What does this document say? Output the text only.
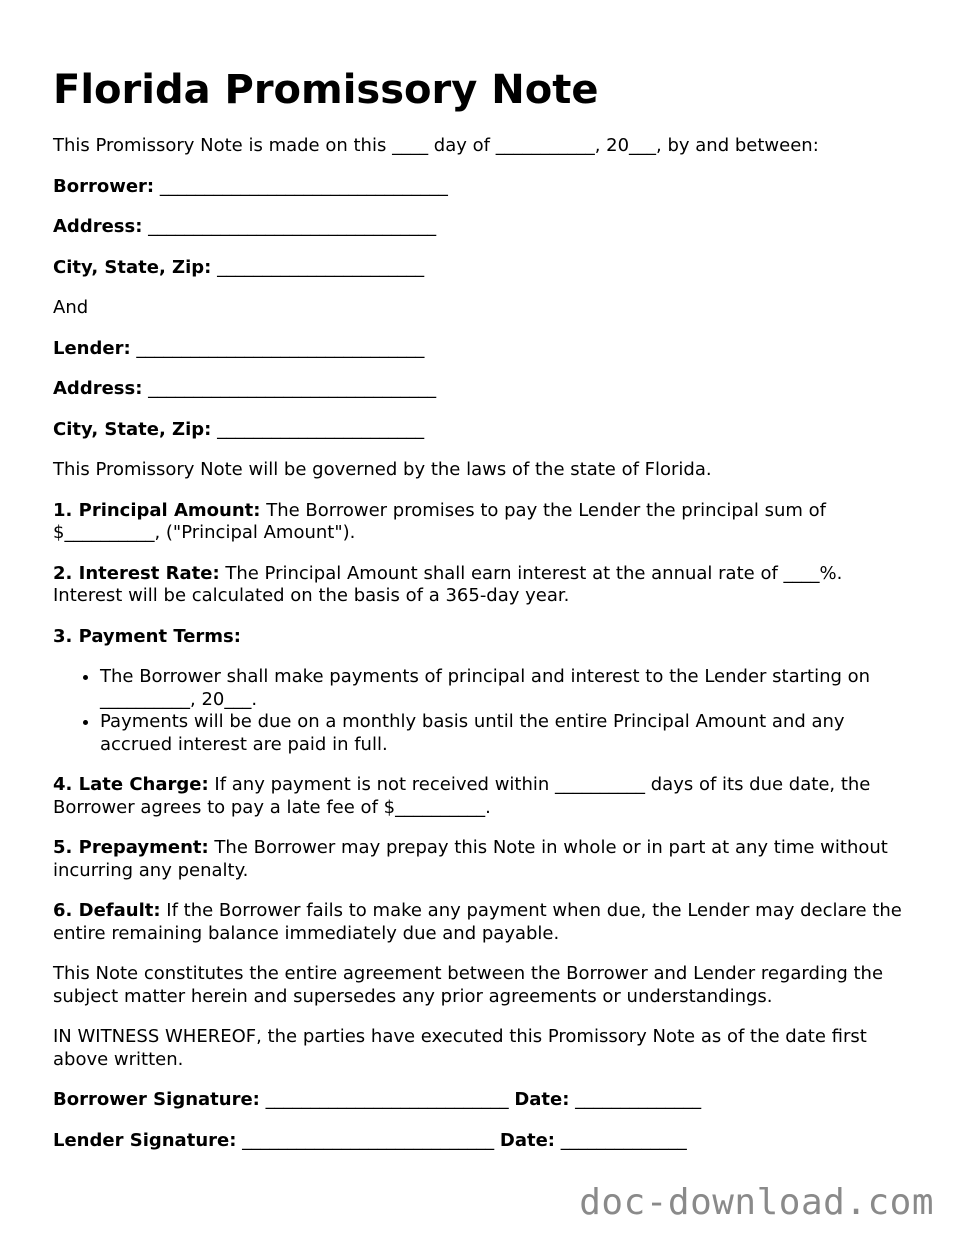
Florida Promissory Note

This Promissory Note is made on this ____ day of ___________, 20___, by and between:

Borrower: ________________________________

Address: ________________________________

City, State, Zip: _______________________

And

Lender: ________________________________

Address: ________________________________

City, State, Zip: _______________________

This Promissory Note will be governed by the laws of the state of Florida.

1. Principal Amount: The Borrower promises to pay the Lender the principal sum of $__________, ("Principal Amount").

2. Interest Rate: The Principal Amount shall earn interest at the annual rate of ____%. Interest will be calculated on the basis of a 365-day year.

3. Payment Terms:

• The Borrower shall make payments of principal and interest to the Lender starting on __________, 20___.
• Payments will be due on a monthly basis until the entire Principal Amount and any accrued interest are paid in full.

4. Late Charge: If any payment is not received within __________ days of its due date, the Borrower agrees to pay a late fee of $__________.

5. Prepayment: The Borrower may prepay this Note in whole or in part at any time without incurring any penalty.

6. Default: If the Borrower fails to make any payment when due, the Lender may declare the entire remaining balance immediately due and payable.

This Note constitutes the entire agreement between the Borrower and Lender regarding the subject matter herein and supersedes any prior agreements or understandings.

IN WITNESS WHEREOF, the parties have executed this Promissory Note as of the date first above written.

Borrower Signature: ___________________________ Date: ______________

Lender Signature: ____________________________ Date: ______________

doc-download.com
